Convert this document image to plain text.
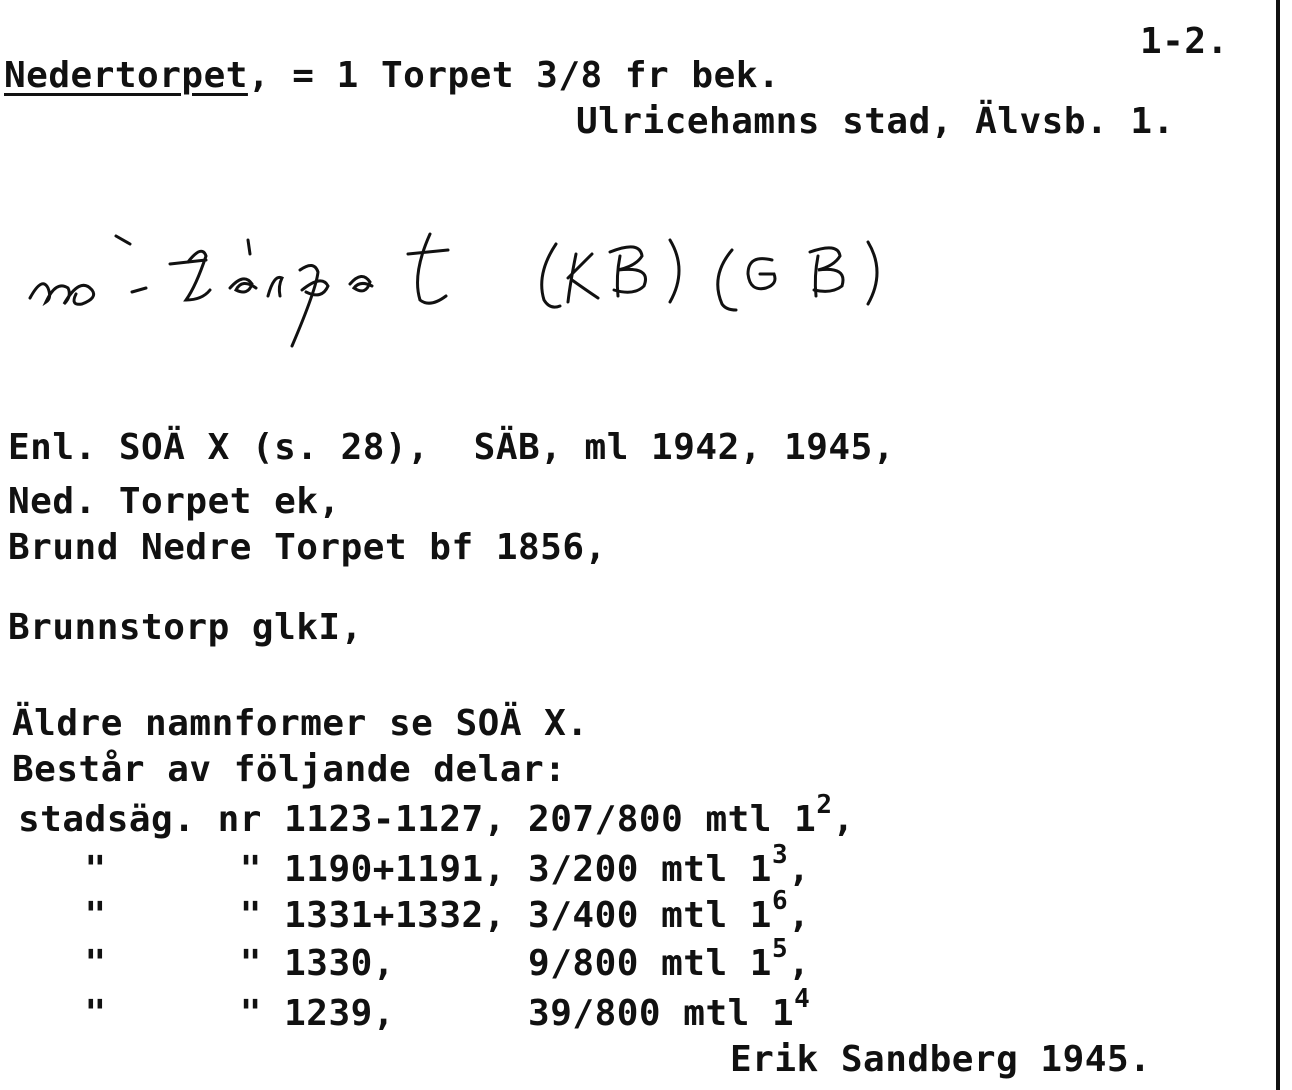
1-2.
Nedertorpet, = 1 Torpet 3/8 fr bek.
Ulricehamns stad, Älvsb. 1.
Enl. SOÄ X (s. 28),  SÄB, ml 1942, 1945,
Ned. Torpet ek,
Brund Nedre Torpet bf 1856,
Brunnstorp glkI,
Äldre namnformer se SOÄ X.
Består av följande delar:
stadsäg. nr 1123-1127, 207/800 mtl $1^2$,
"      " 1190+1191, 3/200 mtl $1^3$,
"      " 1331+1332, 3/400 mtl $1^6$,
"      " 1330,      9/800 mtl $1^5$,
"      " 1239,      39/800 mtl $1^4$
Erik Sandberg 1945.
